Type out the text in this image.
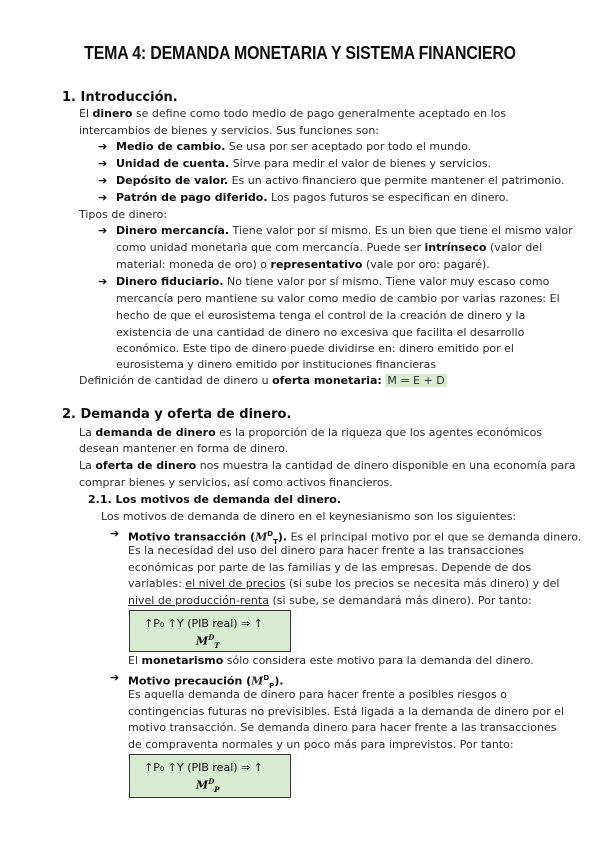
TEMA 4: DEMANDA MONETARIA Y SISTEMA FINANCIERO
1. Introducción.
El dinero se define como todo medio de pago generalmente aceptado en los
intercambios de bienes y servicios. Sus funciones son:
➔ Medio de cambio. Se usa por ser aceptado por todo el mundo.
➔ Unidad de cuenta. Sirve para medir el valor de bienes y servicios.
➔ Depósito de valor. Es un activo financiero que permite mantener el patrimonio.
➔ Patrón de pago diferido. Los pagos futuros se especifican en dinero.
Tipos de dinero:
➔ Dinero mercancía. Tiene valor por sí mismo. Es un bien que tiene el mismo valor
como unidad monetaria que com mercancía. Puede ser intrínseco (valor del
material: moneda de oro) o representativo (vale por oro: pagaré).
➔ Dinero fiduciario. No tiene valor por sí mismo. Tiene valor muy escaso como
mercancía pero mantiene su valor como medio de cambio por varias razones: El
hecho de que el eurosistema tenga el control de la creación de dinero y la
existencia de una cantidad de dinero no excesiva que facilita el desarrollo
económico. Este tipo de dinero puede dividirse en: dinero emitido por el
eurosistema y dinero emitido por instituciones financieras
Definición de cantidad de dinero u oferta monetaria: M = E + D
2. Demanda y oferta de dinero.
La demanda de dinero es la proporción de la riqueza que los agentes económicos
desean mantener en forma de dinero.
La oferta de dinero nos muestra la cantidad de dinero disponible en una economía para
comprar bienes y servicios, así como activos financieros.
2.1. Los motivos de demanda del dinero.
Los motivos de demanda de dinero en el keynesianismo son los siguientes:
➔ Motivo transacción $(M^D_T)$. Es el principal motivo por el que se demanda dinero.
Es la necesidad del uso del dinero para hacer frente a las transacciones
económicas por parte de las familias y de las empresas. Depende de dos
variables: el nivel de precios (si sube los precios se necesita más dinero) y del
nivel de producción-renta (si sube, se demandará más dinero). Por tanto:
↑P₀ ↑Y (PIB real) ⇒ ↑
$M^D_T$
El monetarismo sólo considera este motivo para la demanda del dinero.
➔ Motivo precaución $(M^D_P)$.
Es aquella demanda de dinero para hacer frente a posibles riesgos o
contingencias futuras no previsibles. Está ligada a la demanda de dinero por el
motivo transacción. Se demanda dinero para hacer frente a las transacciones
de compraventa normales y un poco más para imprevistos. Por tanto:
↑P₀ ↑Y (PIB real) ⇒ ↑
$M^D_P$
